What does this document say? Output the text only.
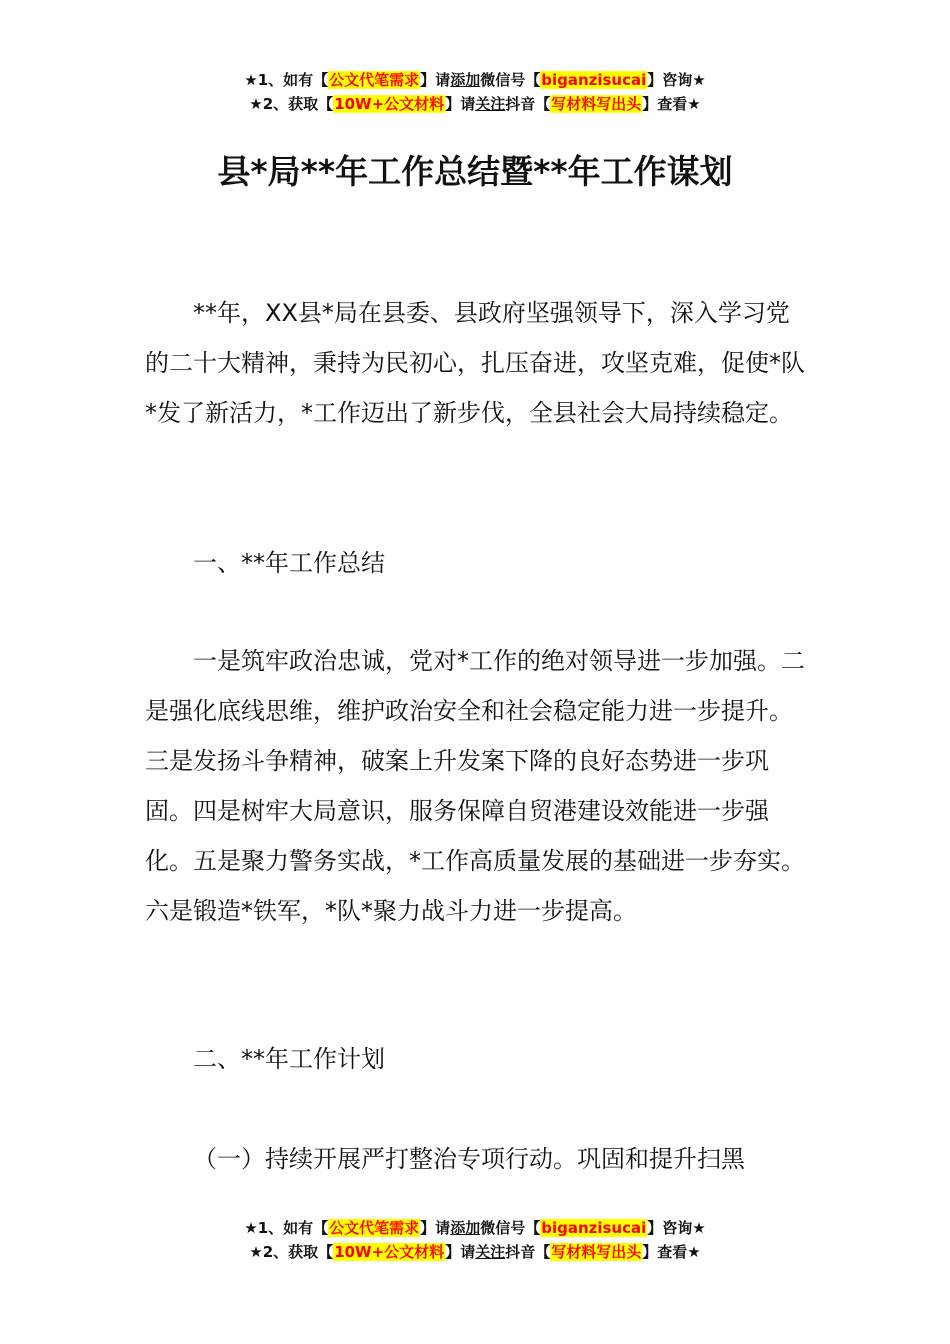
★1、如有【公文代笔需求】请添加微信号【biganzisucai】咨询★
★2、获取【10W+公文材料】请关注抖音【写材料写出头】查看★
县*局**年工作总结暨**年工作谋划

**年，XX县*局在县委、县政府坚强领导下，深入学习党的二十大精神，秉持为民初心，扎压奋进，攻坚克难，促使*队*发了新活力，*工作迈出了新步伐，全县社会大局持续稳定。

一、**年工作总结

一是筑牢政治忠诚，党对*工作的绝对领导进一步加强。二是强化底线思维，维护政治安全和社会稳定能力进一步提升。三是发扬斗争精神，破案上升发案下降的良好态势进一步巩固。四是树牢大局意识，服务保障自贸港建设效能进一步强化。五是聚力警务实战，*工作高质量发展的基础进一步夯实。六是锻造*铁军，*队*聚力战斗力进一步提高。

二、**年工作计划

（一）持续开展严打整治专项行动。巩固和提升扫黑

★1、如有【公文代笔需求】请添加微信号【biganzisucai】咨询★
★2、获取【10W+公文材料】请关注抖音【写材料写出头】查看★
